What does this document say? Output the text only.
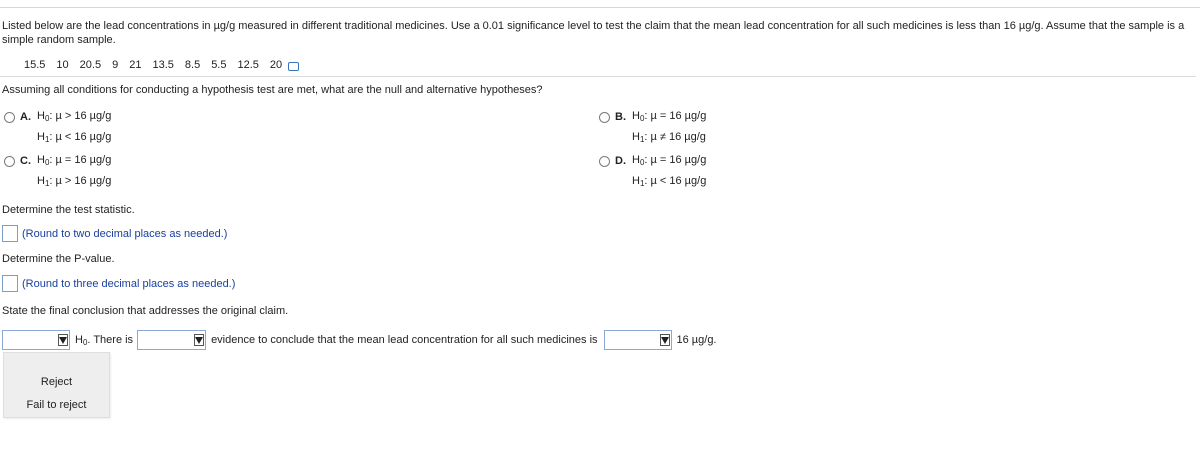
Listed below are the lead concentrations in µg/g measured in different traditional medicines. Use a 0.01 significance level to test the claim that the mean lead concentration for all such medicines is less than 16 µg/g. Assume that the sample is a simple random sample.
15.5 10 20.5 9 21 13.5 8.5 5.5 12.5 20
Assuming all conditions for conducting a hypothesis test are met, what are the null and alternative hypotheses?
A. $H_0$: µ > 16 µg/g
$H_1$: µ < 16 µg/g
B. $H_0$: µ = 16 µg/g
$H_1$: µ ≠ 16 µg/g
C. $H_0$: µ = 16 µg/g
$H_1$: µ > 16 µg/g
D. $H_0$: µ = 16 µg/g
$H_1$: µ < 16 µg/g
Determine the test statistic.
(Round to two decimal places as needed.)
Determine the P-value.
(Round to three decimal places as needed.)
State the final conclusion that addresses the original claim.
$H_0$. There is	evidence to conclude that the mean lead concentration for all such medicines is	16 µg/g.
Reject
Fail to reject
